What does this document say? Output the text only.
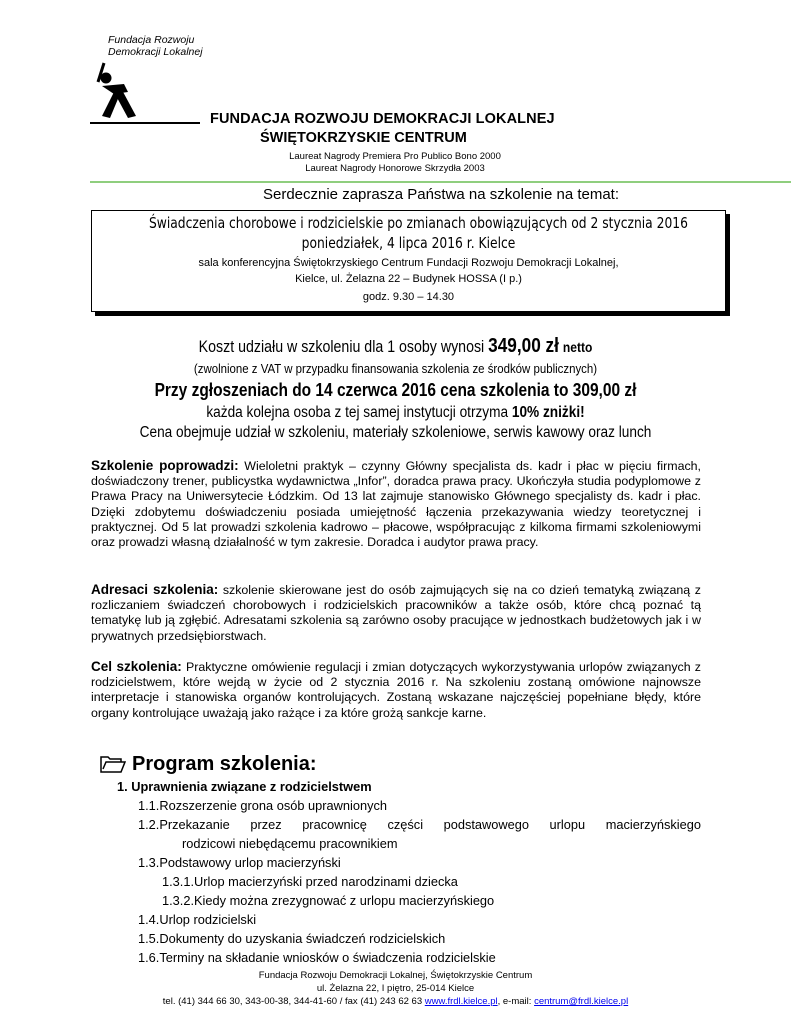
Fundacja Rozwoju
Demokracji Lokalnej
FUNDACJA ROZWOJU DEMOKRACJI LOKALNEJ
ŚWIĘTOKRZYSKIE CENTRUM
Laureat Nagrody Premiera Pro Publico Bono 2000
Laureat Nagrody Honorowe Skrzydła 2003
Serdecznie zaprasza Państwa na szkolenie na temat:
Świadczenia chorobowe i rodzicielskie po zmianach obowiązujących od 2 stycznia 2016
poniedziałek, 4 lipca 2016 r. Kielce
sala konferencyjna Świętokrzyskiego Centrum Fundacji Rozwoju Demokracji Lokalnej,
Kielce, ul. Żelazna 22 – Budynek HOSSA (I p.)
godz. 9.30 – 14.30
Koszt udziału w szkoleniu dla 1 osoby wynosi 349,00 zł netto
(zwolnione z VAT w przypadku finansowania szkolenia ze środków publicznych)
Przy zgłoszeniach do 14 czerwca 2016 cena szkolenia to 309,00 zł
każda kolejna osoba z tej samej instytucji otrzyma 10% zniżki!
Cena obejmuje udział w szkoleniu, materiały szkoleniowe, serwis kawowy oraz lunch
Szkolenie poprowadzi: Wieloletni praktyk – czynny Główny specjalista ds. kadr i płac w pięciu firmach, doświadczony trener, publicystka wydawnictwa „Infor”, doradca prawa pracy. Ukończyła studia podyplomowe z Prawa Pracy na Uniwersytecie Łódzkim. Od 13 lat zajmuje stanowisko Głównego specjalisty ds. kadr i płac. Dzięki zdobytemu doświadczeniu posiada umiejętność łączenia przekazywania wiedzy teoretycznej i praktycznej. Od 5 lat prowadzi szkolenia kadrowo – płacowe, współpracując z kilkoma firmami szkoleniowymi oraz prowadzi własną działalność w tym zakresie. Doradca i audytor prawa pracy.
Adresaci szkolenia: szkolenie skierowane jest do osób zajmujących się na co dzień tematyką związaną z rozliczaniem świadczeń chorobowych i rodzicielskich pracowników a także osób, które chcą poznać tą tematykę lub ją zgłębić. Adresatami szkolenia są zarówno osoby pracujące w jednostkach budżetowych jak i w prywatnych przedsiębiorstwach.
Cel szkolenia: Praktyczne omówienie regulacji i zmian dotyczących wykorzystywania urlopów związanych z rodzicielstwem, które wejdą w życie od 2 stycznia 2016 r. Na szkoleniu zostaną omówione najnowsze interpretacje i stanowiska organów kontrolujących. Zostaną wskazane najczęściej popełniane błędy, które organy kontrolujące uważają jako rażące i za które grożą sankcje karne.
Program szkolenia:
1. Uprawnienia związane z rodzicielstwem
1.1.Rozszerzenie grona osób uprawnionych
1.2.Przekazanie przez pracownicę części podstawowego urlopu macierzyńskiego
rodzicowi niebędącemu pracownikiem
1.3.Podstawowy urlop macierzyński
1.3.1.Urlop macierzyński przed narodzinami dziecka
1.3.2.Kiedy można zrezygnować z urlopu macierzyńskiego
1.4.Urlop rodzicielski
1.5.Dokumenty do uzyskania świadczeń rodzicielskich
1.6.Terminy na składanie wniosków o świadczenia rodzicielskie
Fundacja Rozwoju Demokracji Lokalnej, Świętokrzyskie Centrum
ul. Żelazna 22, I piętro, 25-014 Kielce
tel. (41) 344 66 30, 343-00-38, 344-41-60 / fax (41) 243 62 63 www.frdl.kielce.pl, e-mail: centrum@frdl.kielce.pl
